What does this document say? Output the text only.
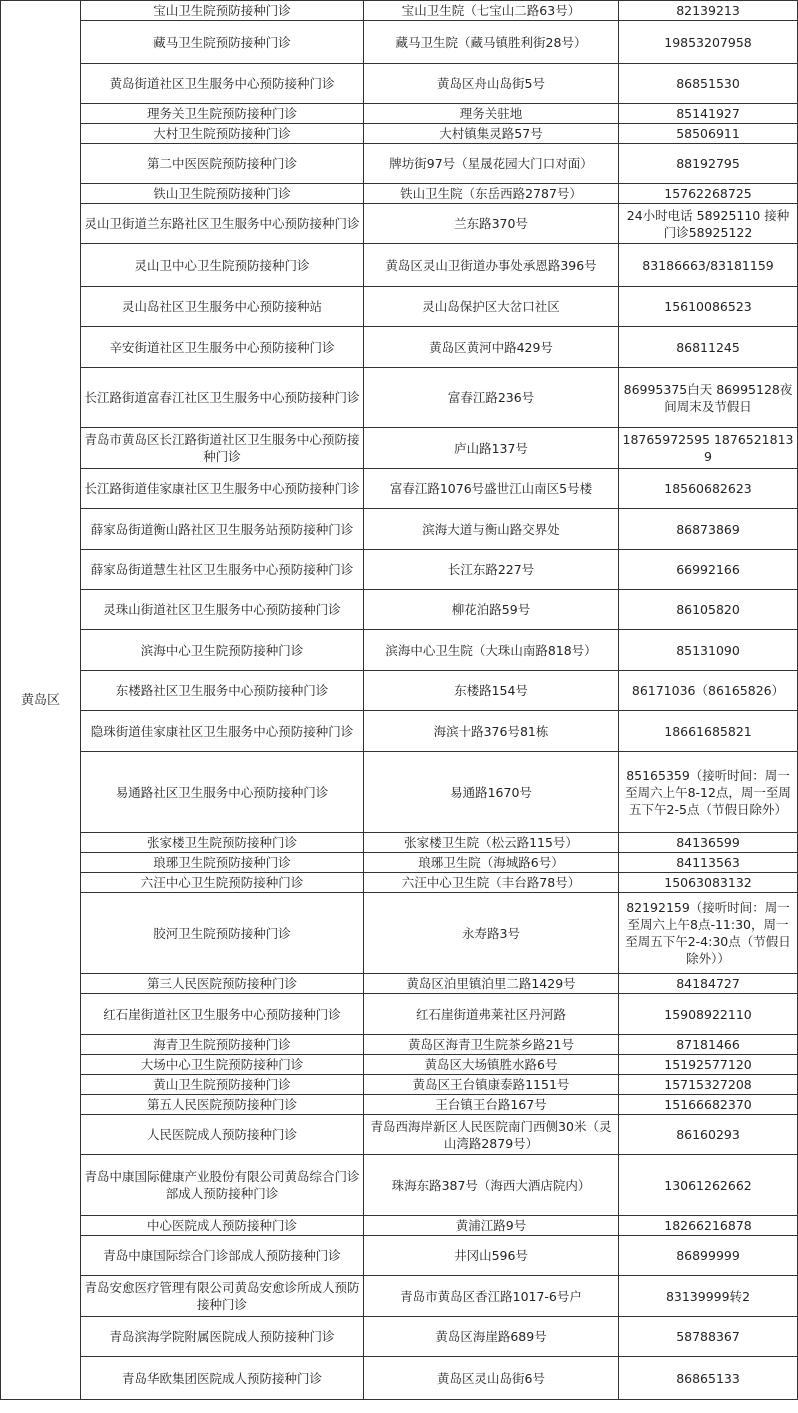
黄岛区	宝山卫生院预防接种门诊	宝山卫生院（七宝山二路63号）	82139213
	藏马卫生院预防接种门诊	藏马卫生院（藏马镇胜利街28号）	19853207958
	黄岛街道社区卫生服务中心预防接种门诊	黄岛区舟山岛街5号	86851530
	理务关卫生院预防接种门诊	理务关驻地	85141927
	大村卫生院预防接种门诊	大村镇集灵路57号	58506911
	第二中医医院预防接种门诊	牌坊街97号（星晟花园大门口对面）	88192795
	铁山卫生院预防接种门诊	铁山卫生院（东岳西路2787号）	15762268725
	灵山卫街道兰东路社区卫生服务中心预防接种门诊	兰东路370号	24小时电话 58925110 接种门诊58925122
	灵山卫中心卫生院预防接种门诊	黄岛区灵山卫街道办事处承恩路396号	83186663/83181159
	灵山岛社区卫生服务中心预防接种站	灵山岛保护区大岔口社区	15610086523
	辛安街道社区卫生服务中心预防接种门诊	黄岛区黄河中路429号	86811245
	长江路街道富春江社区卫生服务中心预防接种门诊	富春江路236号	86995375白天 86995128夜间周末及节假日
	青岛市黄岛区长江路街道社区卫生服务中心预防接种门诊	庐山路137号	18765972595 18765218139
	长江路街道佳家康社区卫生服务中心预防接种门诊	富春江路1076号盛世江山南区5号楼	18560682623
	薛家岛街道衡山路社区卫生服务站预防接种门诊	滨海大道与衡山路交界处	86873869
	薛家岛街道慧生社区卫生服务中心预防接种门诊	长江东路227号	66992166
	灵珠山街道社区卫生服务中心预防接种门诊	柳花泊路59号	86105820
	滨海中心卫生院预防接种门诊	滨海中心卫生院（大珠山南路818号）	85131090
	东楼路社区卫生服务中心预防接种门诊	东楼路154号	86171036（86165826）
	隐珠街道佳家康社区卫生服务中心预防接种门诊	海滨十路376号81栋	18661685821
	易通路社区卫生服务中心预防接种门诊	易通路1670号	85165359（接听时间：周一至周六上午8-12点，周一至周五下午2-5点（节假日除外）
	张家楼卫生院预防接种门诊	张家楼卫生院（松云路115号）	84136599
	琅琊卫生院预防接种门诊	琅琊卫生院（海城路6号）	84113563
	六汪中心卫生院预防接种门诊	六汪中心卫生院（丰台路78号）	15063083132
	胶河卫生院预防接种门诊	永寿路3号	82192159（接听时间：周一至周六上午8点-11:30，周一至周五下午2-4:30点（节假日除外））
	第三人民医院预防接种门诊	黄岛区泊里镇泊里二路1429号	84184727
	红石崖街道社区卫生服务中心预防接种门诊	红石崖街道弗莱社区丹河路	15908922110
	海青卫生院预防接种门诊	黄岛区海青卫生院茶乡路21号	87181466
	大场中心卫生院预防接种门诊	黄岛区大场镇胜水路6号	15192577120
	黄山卫生院预防接种门诊	黄岛区王台镇康泰路1151号	15715327208
	第五人民医院预防接种门诊	王台镇王台路167号	15166682370
	人民医院成人预防接种门诊	青岛西海岸新区人民医院南门西侧30米（灵山湾路2879号）	86160293
	青岛中康国际健康产业股份有限公司黄岛综合门诊部成人预防接种门诊	珠海东路387号（海西大酒店院内）	13061262662
	中心医院成人预防接种门诊	黄浦江路9号	18266216878
	青岛中康国际综合门诊部成人预防接种门诊	井冈山596号	86899999
	青岛安愈医疗管理有限公司黄岛安愈诊所成人预防接种门诊	青岛市黄岛区香江路1017-6号户	83139999转2
	青岛滨海学院附属医院成人预防接种门诊	黄岛区海崖路689号	58788367
	青岛华欧集团医院成人预防接种门诊	黄岛区灵山岛街6号	86865133
